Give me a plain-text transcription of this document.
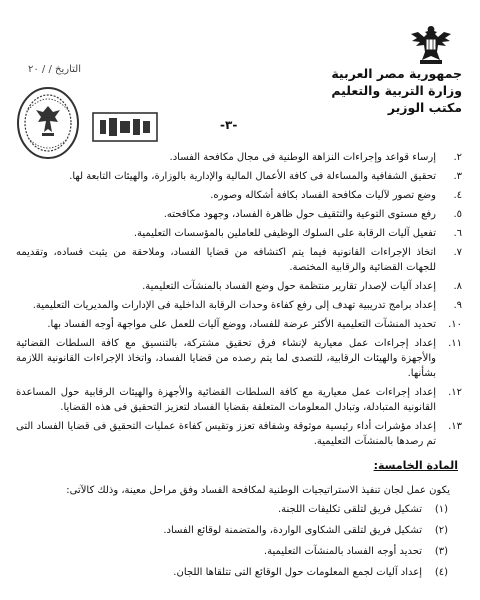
جمهورية مصر العربية
وزارة التربية والتعليم
مكتب الوزير
التاريخ / / ٢٠
-٣-
٢.
إرساء قواعد وإجراءات النزاهة الوطنية فى مجال مكافحة الفساد.
٣.
تحقيق الشفافية والمساءلة فى كافة الأعمال المالية والإدارية بالوزارة، والهيئات التابعة لها.
٤.
وضع تصور لآليات مكافحة الفساد بكافة أشكاله وصوره.
٥.
رفع مستوى التوعية والتثقيف حول ظاهرة الفساد، وجهود مكافحته.
٦.
تفعيل آليات الرقابة على السلوك الوظيفى للعاملين بالمؤسسات التعليمية.
٧.
اتخاذ الإجراءات القانونية فيما يتم اكتشافه من قضايا الفساد، وملاحقة من يثبت فساده، وتقديمه للجهات القضائية والرقابية المختصة.
٨.
إعداد آليات لإصدار تقارير منتظمة حول وضع الفساد بالمنشآت التعليمية.
٩.
إعداد برامج تدريبية تهدف إلى رفع كفاءة وحدات الرقابة الداخلية فى الإدارات والمديريات التعليمية.
١٠.
تحديد المنشآت التعليمية الأكثر عرضة للفساد، ووضع آليات للعمل على مواجهة أوجه الفساد بها.
١١.
إعداد إجراءات عمل معيارية لإنشاء فرق تحقيق مشتركة، بالتنسيق مع كافة السلطات القضائية والأجهزة والهيئات الرقابية، للتصدى لما يتم رصده من قضايا الفساد، واتخاذ الإجراءات القانونية اللازمة بشأنها.
١٢.
إعداد إجراءات عمل معيارية مع كافة السلطات القضائية والأجهزة والهيئات الرقابية حول المساعدة القانونية المتبادلة، وتبادل المعلومات المتعلقة بقضايا الفساد لتعزيز التحقيق فى هذه القضايا.
١٣.
إعداد مؤشرات أداء رئيسية موثوقة وشفافة تعزز وتقيس كفاءة عمليات التحقيق فى قضايا الفساد التى تم رصدها بالمنشآت التعليمية.
المادة الخامسة:
يكون عمل لجان تنفيذ الاستراتيجيات الوطنية لمكافحة الفساد وفق مراحل معينة، وذلك كالآتى:
(١)
تشكيل فريق لتلقى تكليفات اللجنة.
(٢)
تشكيل فريق لتلقى الشكاوى الواردة، والمتضمنة لوقائع الفساد.
(٣)
تحديد أوجه الفساد بالمنشآت التعليمية.
(٤)
إعداد آليات لجمع المعلومات حول الوقائع التى تتلقاها اللجان.
